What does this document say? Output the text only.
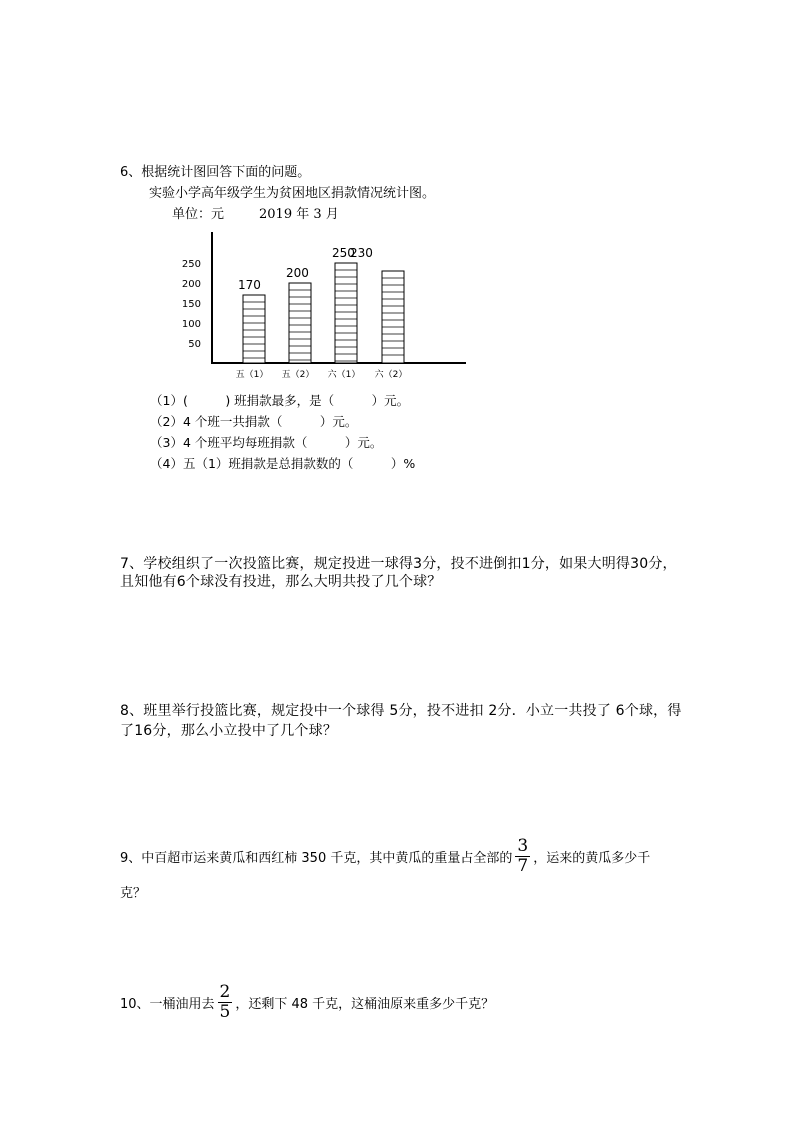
6、根据统计图回答下面的问题。
实验小学高年级学生为贫困地区捐款情况统计图。
单位：元	2019 年 3 月
50
100
150
200
250
170
五（1）
200
五（2）
250
六（1）
230
六（2）
（1）(　　　) 班捐款最多，是（　　　）元。
（2）4 个班一共捐款（　　　）元。
（3）4 个班平均每班捐款（　　　）元。
（4）五（1）班捐款是总捐款数的（　　　）%
7、学校组织了一次投篮比赛，规定投进一球得3分，投不进倒扣1分，如果大明得30分，
且知他有6个球没有投进，那么大明共投了几个球？
8、班里举行投篮比赛，规定投中一个球得 5分，投不进扣 2分．小立一共投了 6个球，得
了16分，那么小立投中了几个球？
9、中百超市运来黄瓜和西红柿 350 千克，其中黄瓜的重量占全部的 $\frac{3}{7}$ ，运来的黄瓜多少千
克？
10、一桶油用去 $\frac{2}{5}$ ，还剩下 48 千克，这桶油原来重多少千克？
